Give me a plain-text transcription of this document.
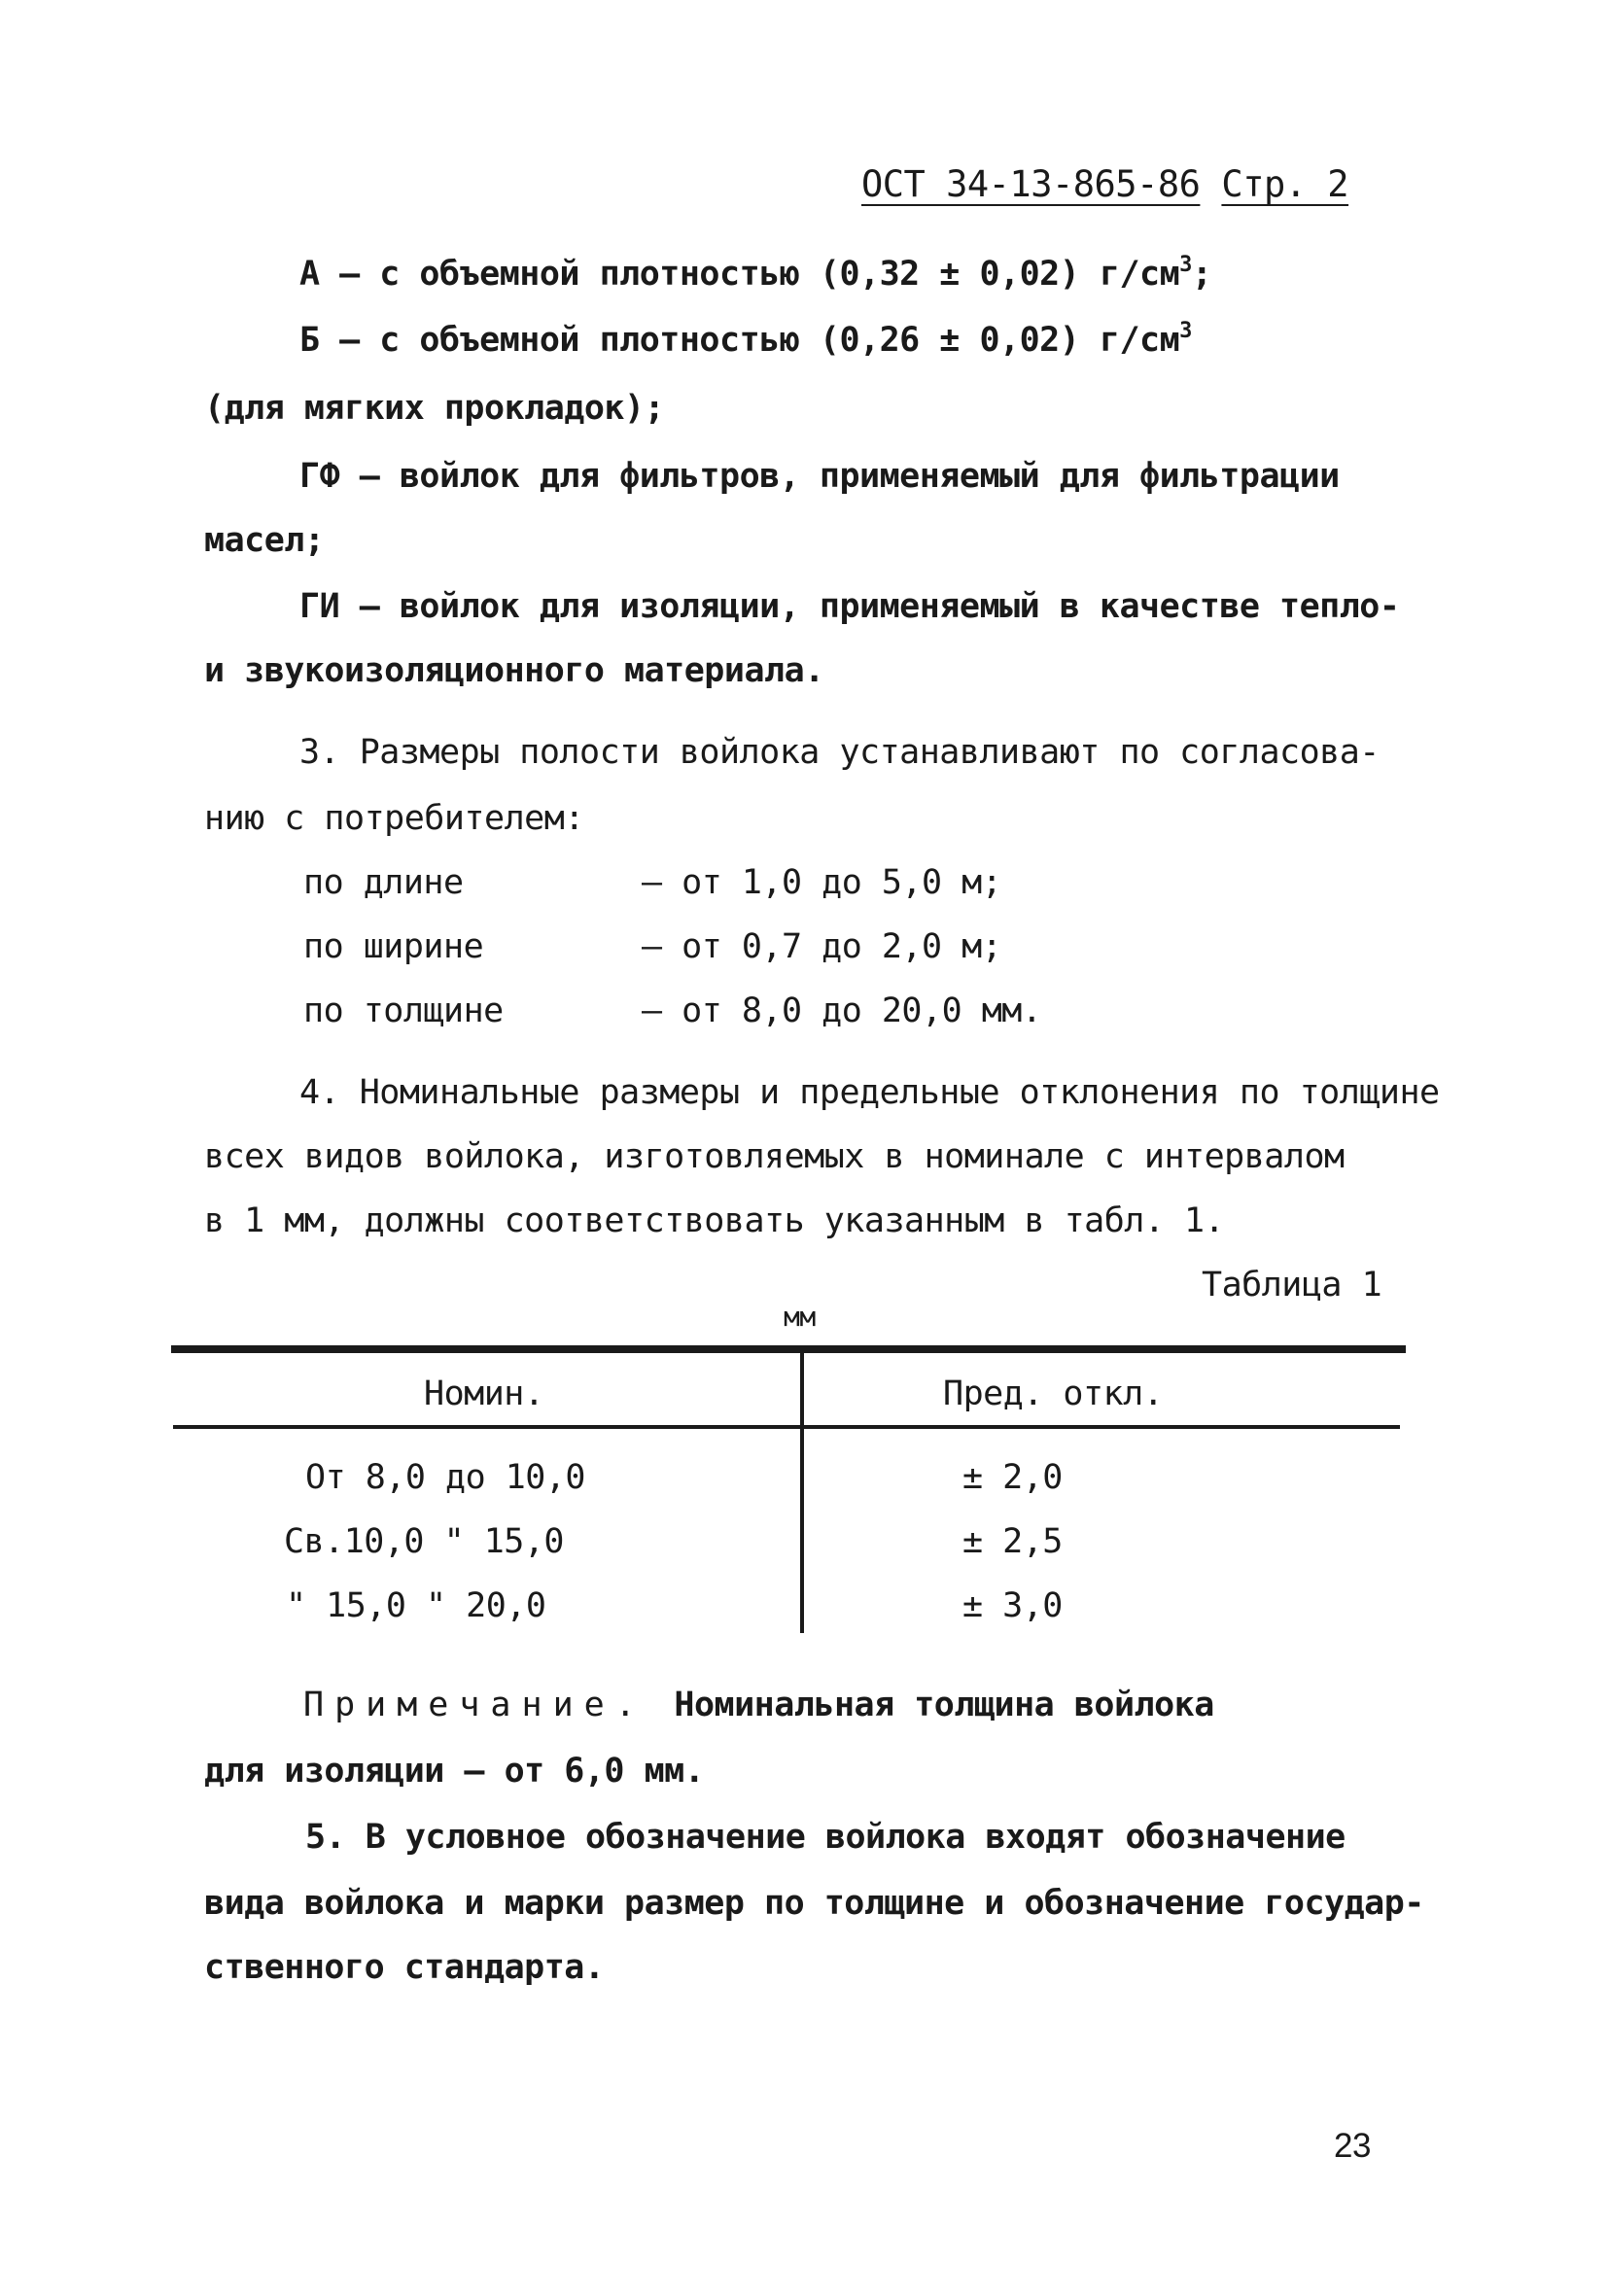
ОСТ 34-13-865-86 Стр. 2
А – с объемной плотностью (0,32 ± 0,02) $г/см^3$;
Б – с объемной плотностью (0,26 ± 0,02) $г/см^3$
(для мягких прокладок);
ГФ – войлок для фильтров, применяемый для фильтрации
масел;
ГИ – войлок для изоляции, применяемый в качестве тепло-
и звукоизоляционного материала.
3. Размеры полости войлока устанавливают по согласова-
нию с потребителем:
по длине	– от 1,0 до 5,0 м;
по ширине	– от 0,7 до 2,0 м;
по толщине	– от 8,0 до 20,0 мм.
4. Номинальные размеры и предельные отклонения по толщине
всех видов войлока, изготовляемых в номинале с интервалом
в 1 мм, должны соответствовать указанным в табл. 1.
Таблица 1
мм
Номин.	Пред. откл.
От 8,0 до 10,0	± 2,0
Св.10,0 " 15,0	± 2,5
" 15,0 " 20,0	± 3,0
Примечание. Номинальная толщина войлока
для изоляции – от 6,0 мм.
5. В условное обозначение войлока входят обозначение
вида войлока и марки размер по толщине и обозначение государ-
ственного стандарта.
23
